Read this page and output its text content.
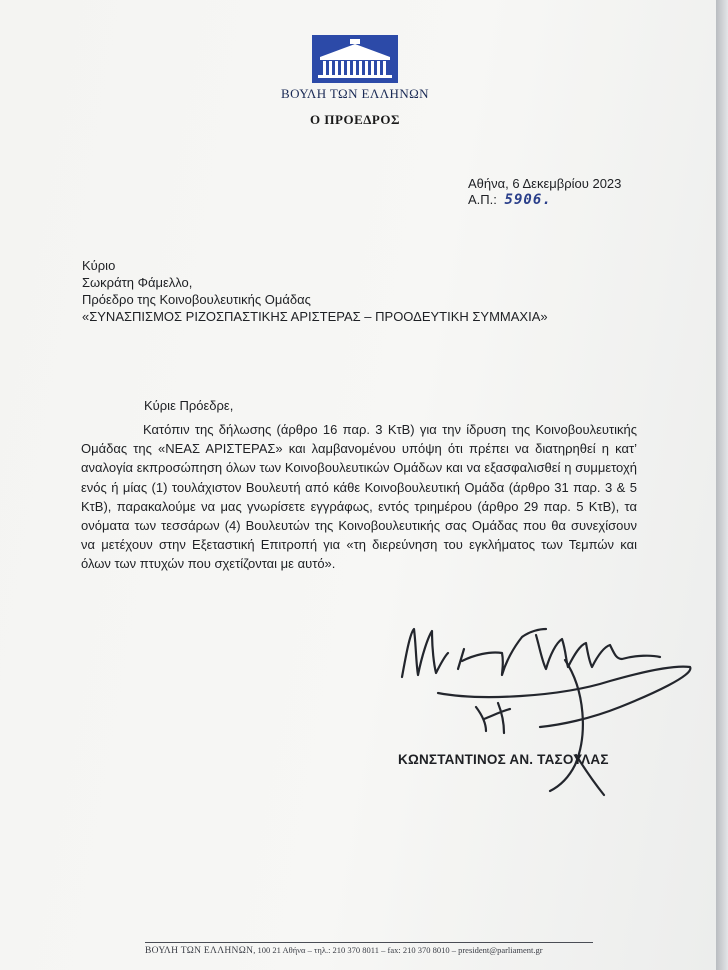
ΒΟΥΛΗ ΤΩΝ ΕΛΛΗΝΩΝ
Ο ΠΡΟΕΔΡΟΣ
Αθήνα, 6 Δεκεμβρίου 2023
Α.Π.: 5906.
Κύριο
Σωκράτη Φάμελλο,
Πρόεδρο της Κοινοβουλευτικής Ομάδας
«ΣΥΝΑΣΠΙΣΜΟΣ ΡΙΖΟΣΠΑΣΤΙΚΗΣ ΑΡΙΣΤΕΡΑΣ – ΠΡΟΟΔΕΥΤΙΚΗ ΣΥΜΜΑΧΙΑ»
Κύριε Πρόεδρε,
Κατόπιν της δήλωσης (άρθρο 16 παρ. 3 ΚτΒ) για την ίδρυση της Κοινοβουλευτικής Ομάδας της «ΝΕΑΣ ΑΡΙΣΤΕΡΑΣ» και λαμβανομένου υπόψη ότι πρέπει να διατηρηθεί η κατ’ αναλογία εκπροσώπηση όλων των Κοινοβουλευτικών Ομάδων και να εξασφαλισθεί η συμμετοχή ενός ή μίας (1) τουλάχιστον Βουλευτή από κάθε Κοινοβουλευτική Ομάδα (άρθρο 31 παρ. 3 & 5 ΚτΒ), παρακαλούμε να μας γνωρίσετε εγγράφως, εντός τριημέρου (άρθρο 29 παρ. 5 ΚτΒ), τα ονόματα των τεσσάρων (4) Βουλευτών της Κοινοβουλευτικής σας Ομάδας που θα συνεχίσουν να μετέχουν στην Εξεταστική Επιτροπή για «τη διερεύνηση του εγκλήματος των Τεμπών και όλων των πτυχών που σχετίζονται με αυτό».
ΚΩΝΣΤΑΝΤΙΝΟΣ ΑΝ. ΤΑΣΟΥΛΑΣ
ΒΟΥΛΗ ΤΩΝ ΕΛΛΗΝΩΝ, 100 21 Αθήνα – τηλ.: 210 370 8011 – fax: 210 370 8010 – president@parliament.gr
